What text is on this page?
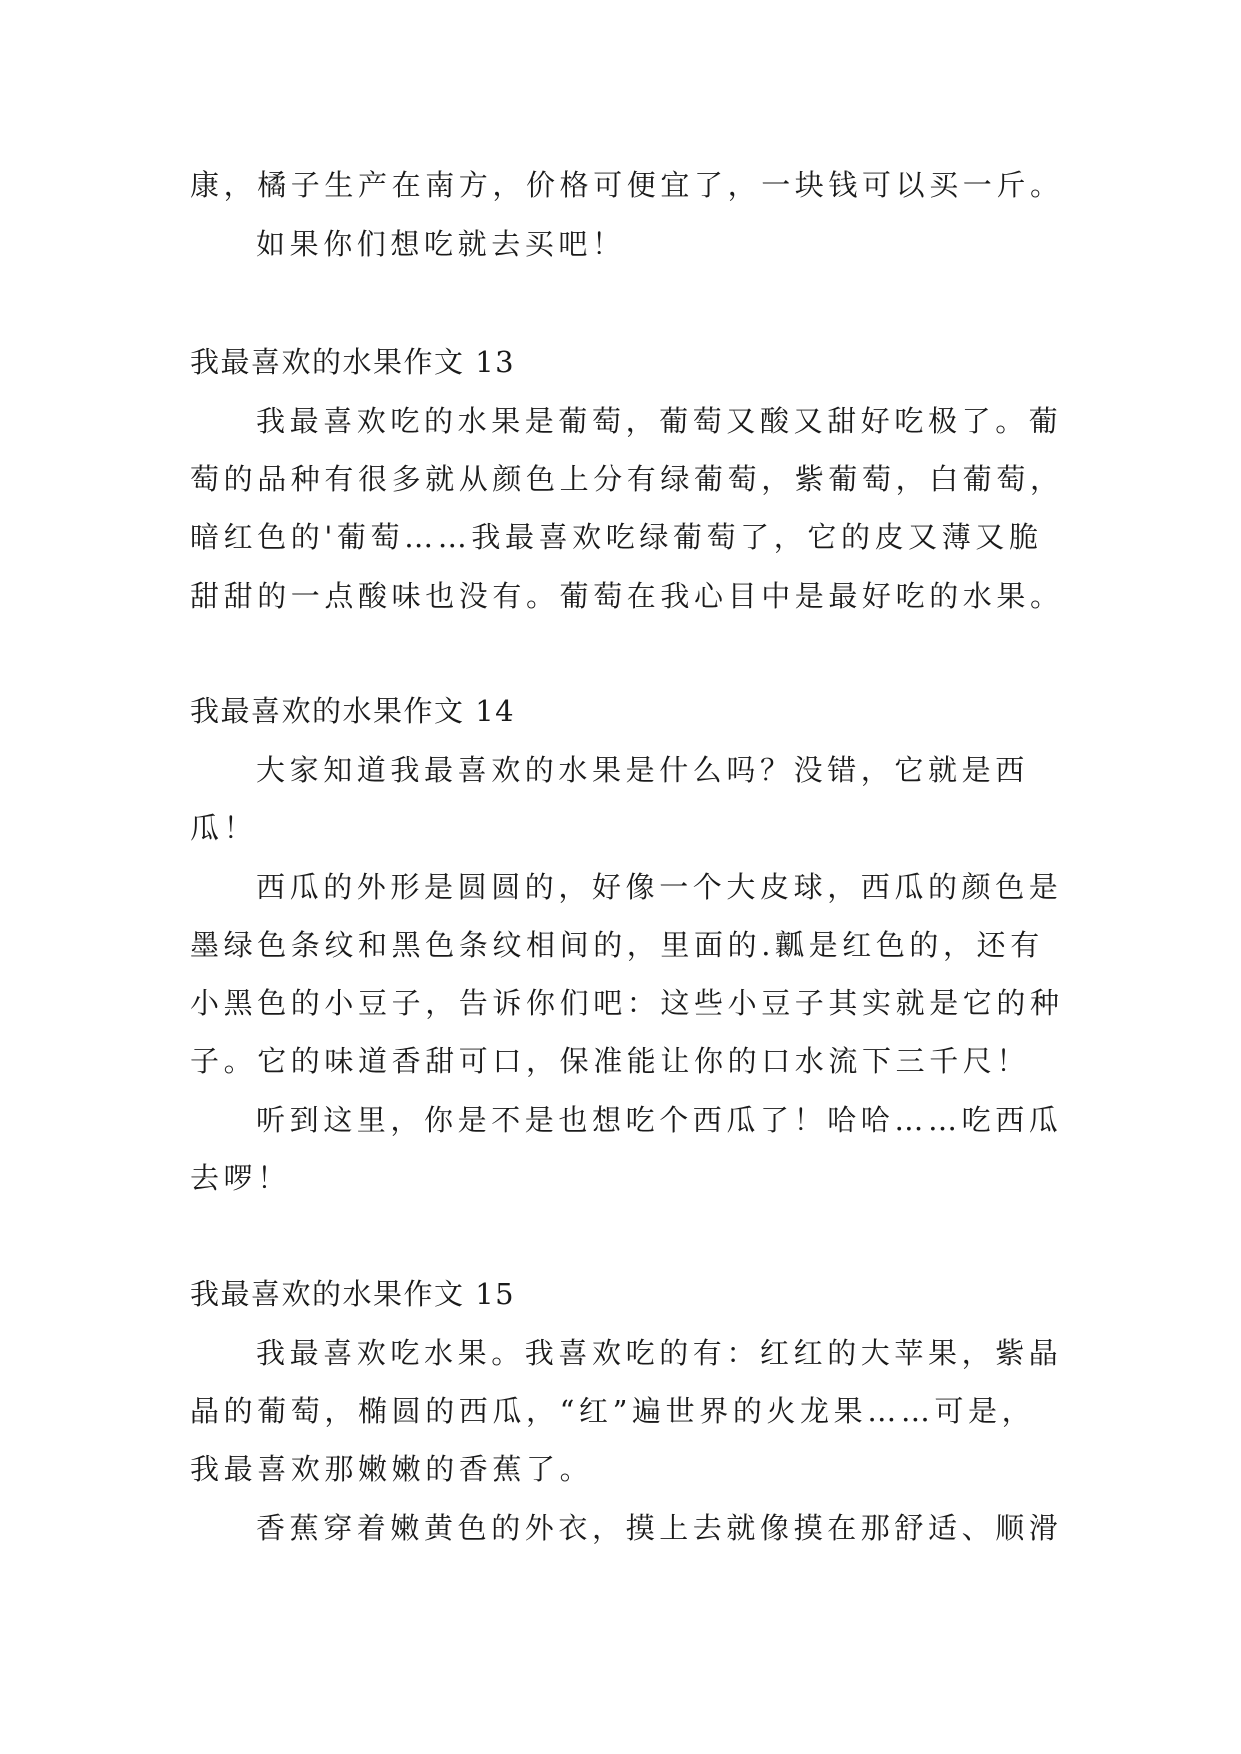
康，橘子生产在南方，价格可便宜了，一块钱可以买一斤。
如果你们想吃就去买吧！
我最喜欢的水果作文 13
我最喜欢吃的水果是葡萄，葡萄又酸又甜好吃极了。葡
萄的品种有很多就从颜色上分有绿葡萄，紫葡萄，白葡萄，
暗红色的'葡萄……我最喜欢吃绿葡萄了，它的皮又薄又脆
甜甜的一点酸味也没有。葡萄在我心目中是最好吃的水果。
我最喜欢的水果作文 14
大家知道我最喜欢的水果是什么吗？没错，它就是西
瓜！
西瓜的外形是圆圆的，好像一个大皮球，西瓜的颜色是
墨绿色条纹和黑色条纹相间的，里面的.瓤是红色的，还有
小黑色的小豆子，告诉你们吧：这些小豆子其实就是它的种
子。它的味道香甜可口，保准能让你的口水流下三千尺！
听到这里，你是不是也想吃个西瓜了！哈哈……吃西瓜
去啰！
我最喜欢的水果作文 15
我最喜欢吃水果。我喜欢吃的有：红红的大苹果，紫晶
晶的葡萄，椭圆的西瓜，“红”遍世界的火龙果……可是，
我最喜欢那嫩嫩的香蕉了。
香蕉穿着嫩黄色的外衣，摸上去就像摸在那舒适、顺滑
